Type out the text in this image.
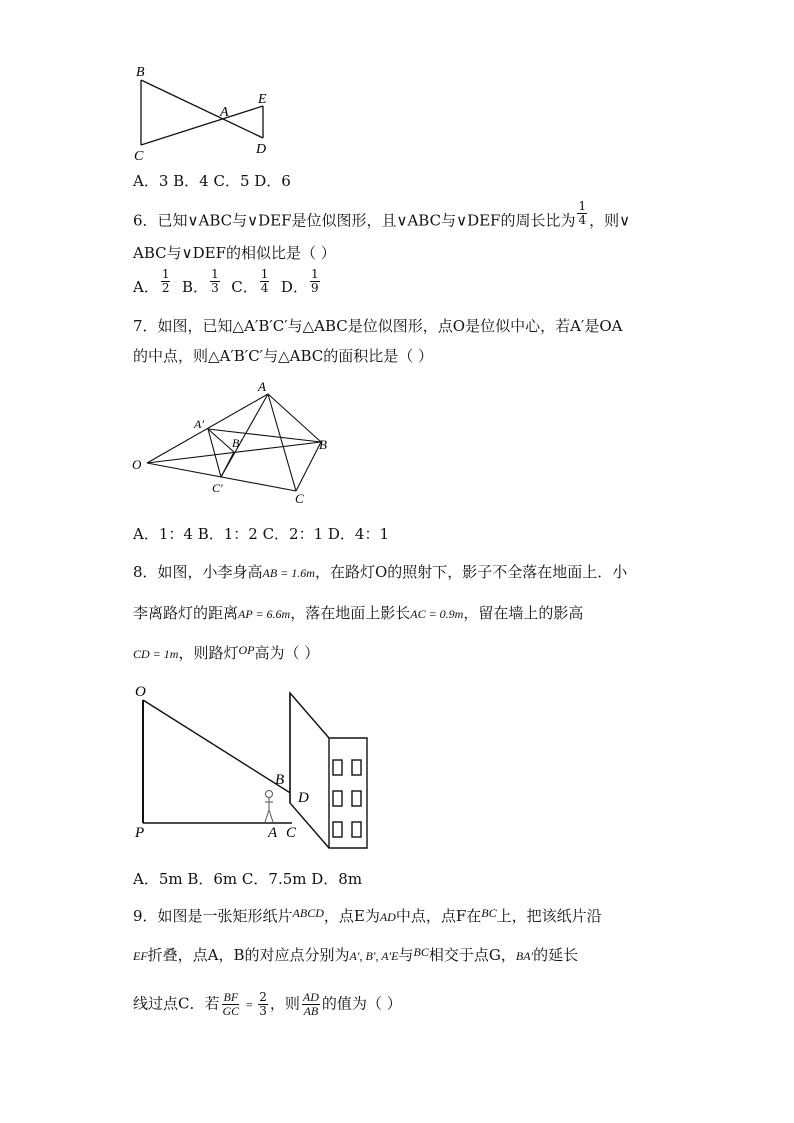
B
A
E
C	D
A．3 B．4 C．5 D．6
6．已知∨ABC与∨DEF是位似图形，且∨ABC与∨DEF的周长比为 $\frac{1}{4}$ ，则∨
ABC与∨DEF的相似比是（ ）
A． $\frac{1}{2}$ B． $\frac{1}{3}$ C． $\frac{1}{4}$ D． $\frac{1}{9}$
7．如图，已知△A′B′C′与△ABC是位似图形，点O是位似中心，若A′是OA
的中点，则△A′B′C′与△ABC的面积比是（ ）
A
B
C
O
A′
B′
C′
A．1：4 B．1：2 C．2：1 D．4：1
8．如图，小李身高AB = 1.6m，在路灯O的照射下，影子不全落在地面上．小
李离路灯的距离AP = 6.6m，落在地面上影长AC = 0.9m，留在墙上的影高
CD = 1m，则路灯$^{OP}$高为（ ）
O
B
D
P	A C
A．5m B．6m C．7.5m D．8m
9．如图是一张矩形纸片$^{ABCD}$，点E为AD中点，点F在$^{BC}$上，把该纸片沿
EF折叠，点A，B的对应点分别为A′, B′, A′E与$^{BC}$相交于点G，BA′的延长
线过点C．若 $\frac{BF}{GC} = \frac{2}{3}$ ，则 $\frac{AD}{AB}$ 的值为（ ）
